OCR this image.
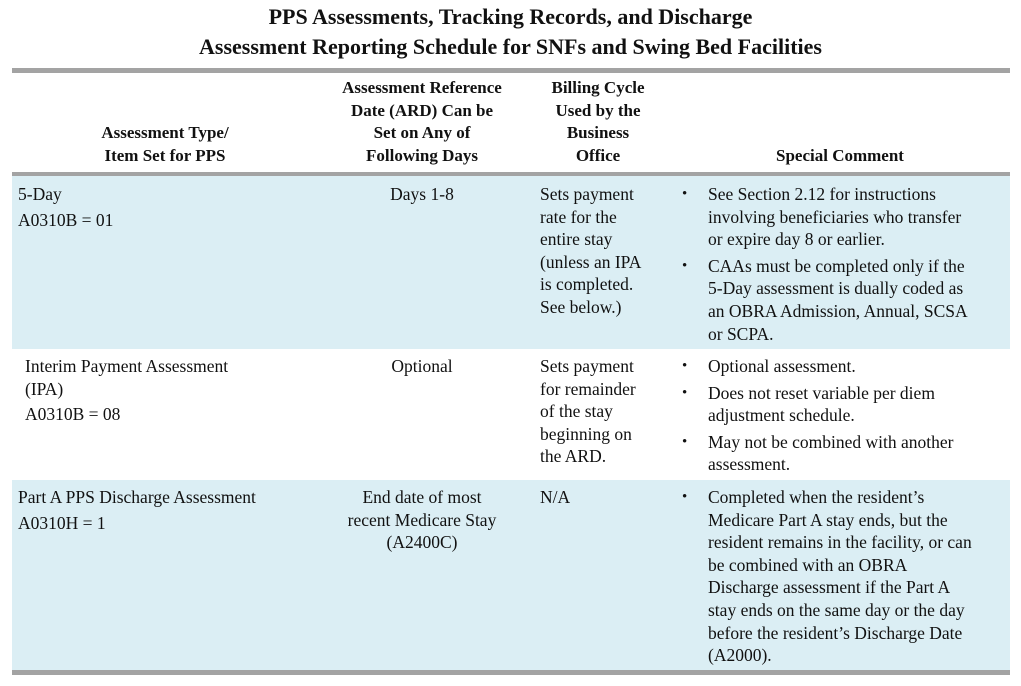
PPS Assessments, Tracking Records, and Discharge
Assessment Reporting Schedule for SNFs and Swing Bed Facilities
Assessment Type/
Item Set for PPS
Assessment Reference
Date (ARD) Can be
Set on Any of
Following Days
Billing Cycle
Used by the
Business
Office	Special Comment
5-Day
A0310B = 01
Days 1-8	Sets payment
rate for the
entire stay
(unless an IPA
is completed.
See below.)
• See Section 2.12 for instructions
involving beneficiaries who transfer
or expire day 8 or earlier.
• CAAs must be completed only if the
5-Day assessment is dually coded as
an OBRA Admission, Annual, SCSA
or SCPA.
Interim Payment Assessment
(IPA)
A0310B = 08
Optional	Sets payment
for remainder
of the stay
beginning on
the ARD.
• Optional assessment.
• Does not reset variable per diem
adjustment schedule.
• May not be combined with another
assessment.
Part A PPS Discharge Assessment
A0310H = 1
End date of most
recent Medicare Stay
(A2400C)
N/A
•	Completed when the resident’s
Medicare Part A stay ends, but the
resident remains in the facility, or can
be combined with an OBRA
Discharge assessment if the Part A
stay ends on the same day or the day
before the resident’s Discharge Date
(A2000).
